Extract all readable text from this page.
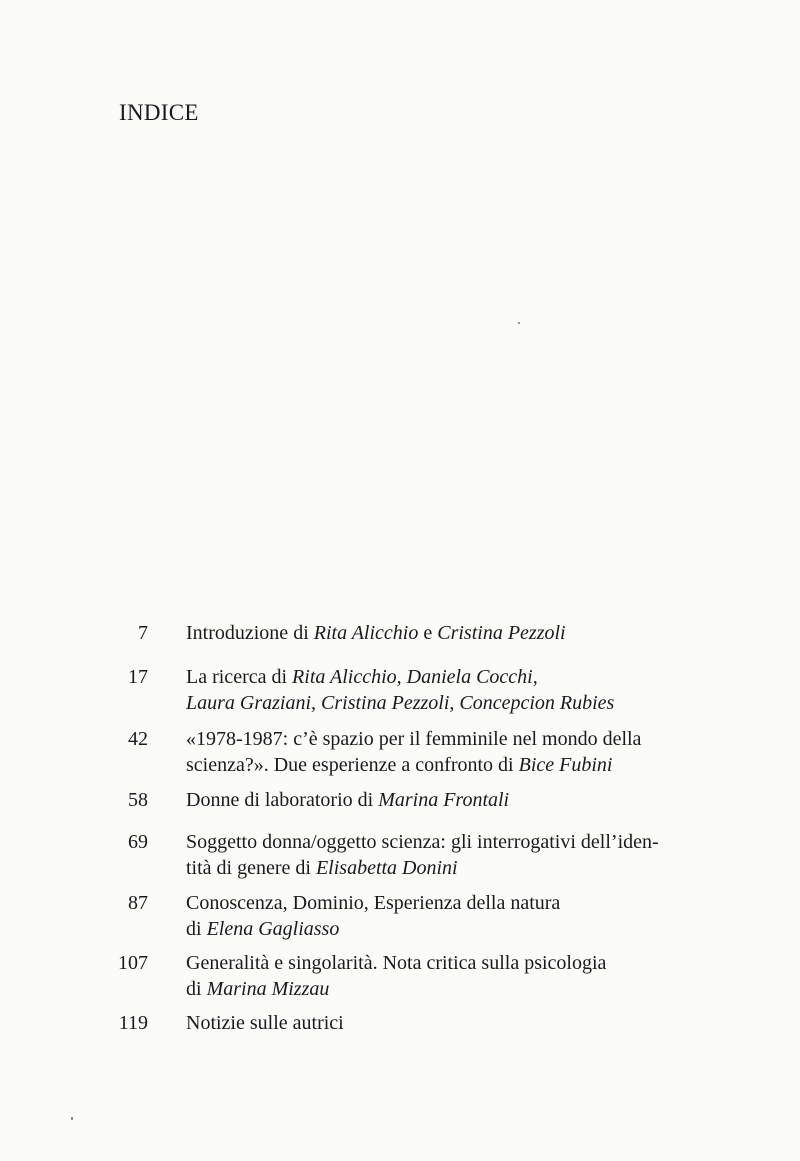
INDICE
7 Introduzione di Rita Alicchio e Cristina Pezzoli
17 La ricerca di Rita Alicchio, Daniela Cocchi,
Laura Graziani, Cristina Pezzoli, Concepcion Rubies
42 «1978-1987: c’è spazio per il femminile nel mondo della
scienza?». Due esperienze a confronto di Bice Fubini
58 Donne di laboratorio di Marina Frontali
69 Soggetto donna/oggetto scienza: gli interrogativi dell’iden-
tità di genere di Elisabetta Donini
87 Conoscenza, Dominio, Esperienza della natura
di Elena Gagliasso
107 Generalità e singolarità. Nota critica sulla psicologia
di Marina Mizzau
119 Notizie sulle autrici
